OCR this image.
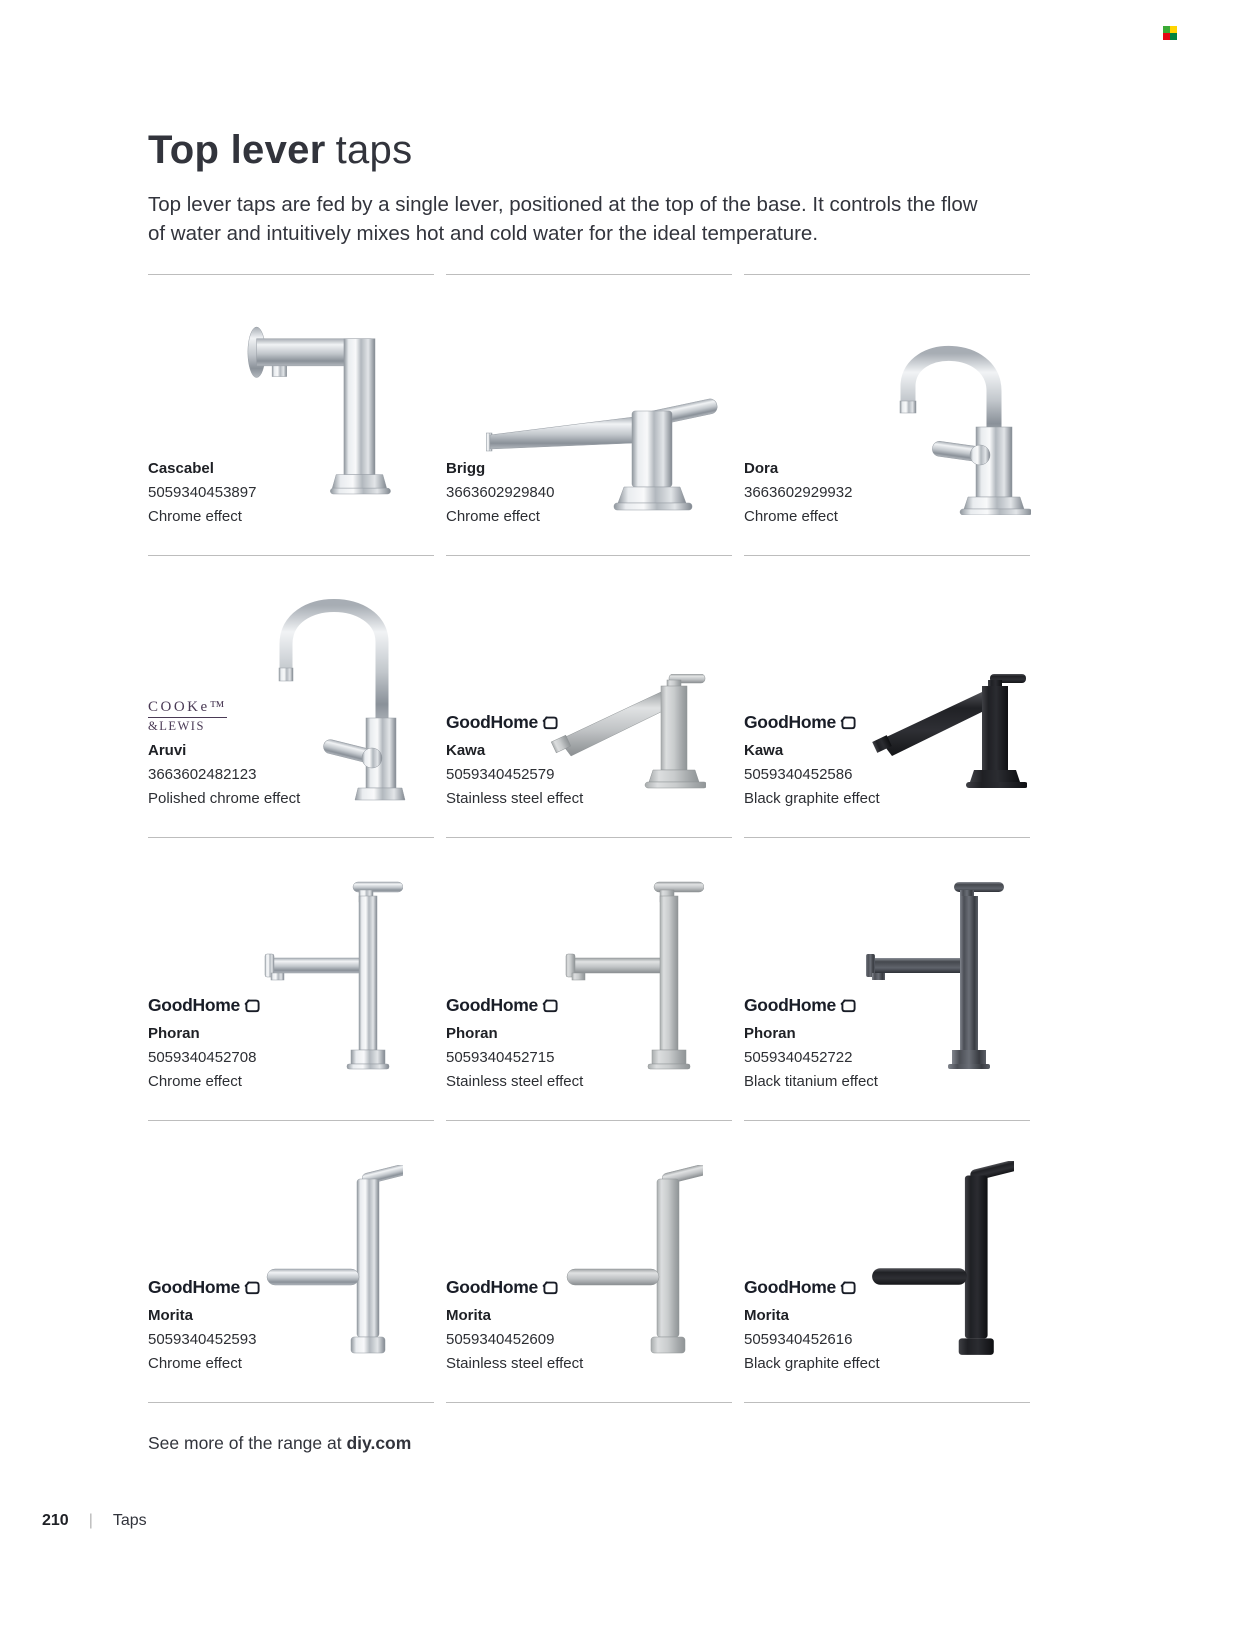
Top lever taps

Top lever taps are fed by a single lever, positioned at the top of the base. It controls the flow of water and intuitively mixes hot and cold water for the ideal temperature.

Cascabel
5059340453897
Chrome effect
Brigg
3663602929840
Chrome effect
Dora
3663602929932
Chrome effect
COOKe™
&LEWIS
Aruvi
3663602482123
Polished chrome effect
GoodHome
Kawa
5059340452579
Stainless steel effect
GoodHome
Kawa
5059340452586
Black graphite effect
GoodHome
Phoran
5059340452708
Chrome effect
GoodHome
Phoran
5059340452715
Stainless steel effect
GoodHome
Phoran
5059340452722
Black titanium effect
GoodHome
Morita
5059340452593
Chrome effect
GoodHome
Morita
5059340452609
Stainless steel effect
GoodHome
Morita
5059340452616
Black graphite effect

See more of the range at diy.com

210 | Taps
